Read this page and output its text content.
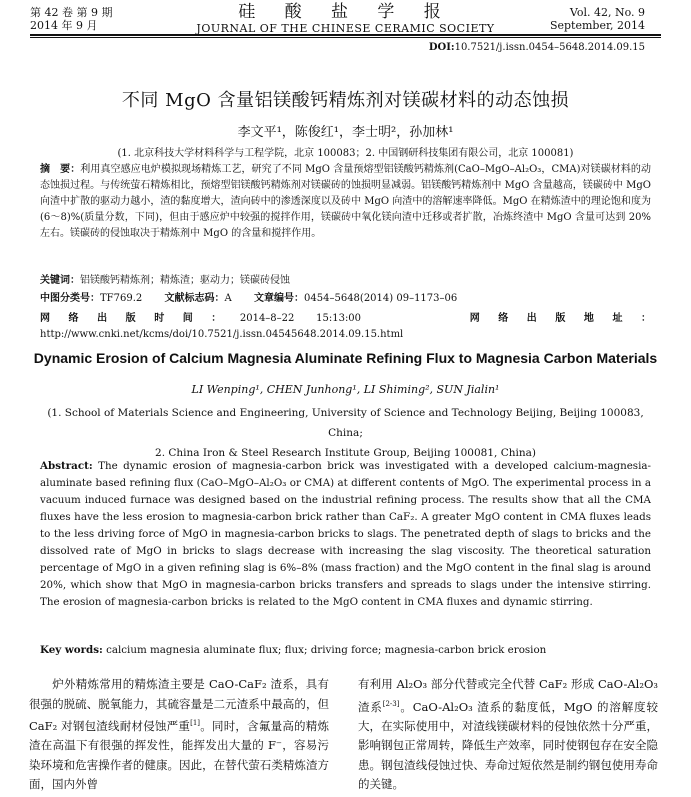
第 42 卷 第 9 期
2014 年 9 月
硅 酸 盐 学 报
JOURNAL OF THE CHINESE CERAMIC SOCIETY
Vol. 42, No. 9
September, 2014
DOI:10.7521/j.issn.0454–5648.2014.09.15
不同 MgO 含量铝镁酸钙精炼剂对镁碳材料的动态蚀损
李文平¹，陈俊红¹，李士明²，孙加林¹
(1. 北京科技大学材料科学与工程学院，北京 100083；2. 中国钢研科技集团有限公司，北京 100081)
摘　要：利用真空感应电炉模拟现场精炼工艺，研究了不同 MgO 含量预熔型铝镁酸钙精炼剂(CaO–MgO–Al₂O₃，CMA)对镁碳材料的动态蚀损过程。与传统萤石精炼相比，预熔型铝镁酸钙精炼剂对镁碳砖的蚀损明显减弱。铝镁酸钙精炼剂中 MgO 含量越高，镁碳砖中 MgO 向渣中扩散的驱动力越小，渣的黏度增大，渣向砖中的渗透深度以及砖中 MgO 向渣中的溶解速率降低。MgO 在精炼渣中的理论饱和度为(6～8)%(质量分数，下同)，但由于感应炉中较强的搅拌作用，镁碳砖中氧化镁向渣中迁移或者扩散，冶炼终渣中 MgO 含量可达到 20%左右。镁碳砖的侵蚀取决于精炼剂中 MgO 的含量和搅拌作用。
关键词：铝镁酸钙精炼剂；精炼渣；驱动力；镁碳砖侵蚀
中图分类号：TF769.2 文献标志码：A 文章编号：0454–5648(2014) 09–1173–06
网络出版时间：2014–8–22 15:13:00	网络出版地址：http://www.cnki.net/kcms/doi/10.7521/j.issn.04545648.2014.09.15.html
Dynamic Erosion of Calcium Magnesia Aluminate Refining Flux to Magnesia Carbon Materials
LI Wenping¹, CHEN Junhong¹, LI Shiming², SUN Jialin¹
(1. School of Materials Science and Engineering, University of Science and Technology Beijing, Beijing 100083, China;
2. China Iron & Steel Research Institute Group, Beijing 100081, China)
Abstract: The dynamic erosion of magnesia-carbon brick was investigated with a developed calcium-magnesia-aluminate based refining flux (CaO–MgO–Al₂O₃ or CMA) at different contents of MgO. The experimental process in a vacuum induced furnace was designed based on the industrial refining process. The results show that all the CMA fluxes have the less erosion to magnesia-carbon brick rather than CaF₂. A greater MgO content in CMA fluxes leads to the less driving force of MgO in magnesia-carbon bricks to slags. The penetrated depth of slags to bricks and the dissolved rate of MgO in bricks to slags decrease with increasing the slag viscosity. The theoretical saturation percentage of MgO in a given refining slag is 6%–8% (mass fraction) and the MgO content in the final slag is around 20%, which show that MgO in magnesia-carbon bricks transfers and spreads to slags under the intensive stirring. The erosion of magnesia-carbon bricks is related to the MgO content in CMA fluxes and dynamic stirring.
Key words: calcium magnesia aluminate flux; flux; driving force; magnesia-carbon brick erosion
  炉外精炼常用的精炼渣主要是 CaO-CaF₂ 渣系，具有很强的脱硫、脱氧能力，其硫容量是二元渣系中最高的，但 CaF₂ 对钢包渣线耐材侵蚀严重[1]。同时，含氟量高的精炼渣在高温下有很强的挥发性，能挥发出大量的 F⁻，容易污染环境和危害操作者的健康。因此，在替代萤石类精炼渣方面，国内外曾
有利用 Al₂O₃ 部分代替或完全代替 CaF₂ 形成 CaO-Al₂O₃ 渣系[2-3]。CaO-Al₂O₃ 渣系的黏度低，MgO 的溶解度较大，在实际使用中，对渣线镁碳材料的侵蚀依然十分严重，影响钢包正常周转，降低生产效率，同时使钢包存在安全隐患。钢包渣线侵蚀过快、寿命过短依然是制约钢包使用寿命的关键。
